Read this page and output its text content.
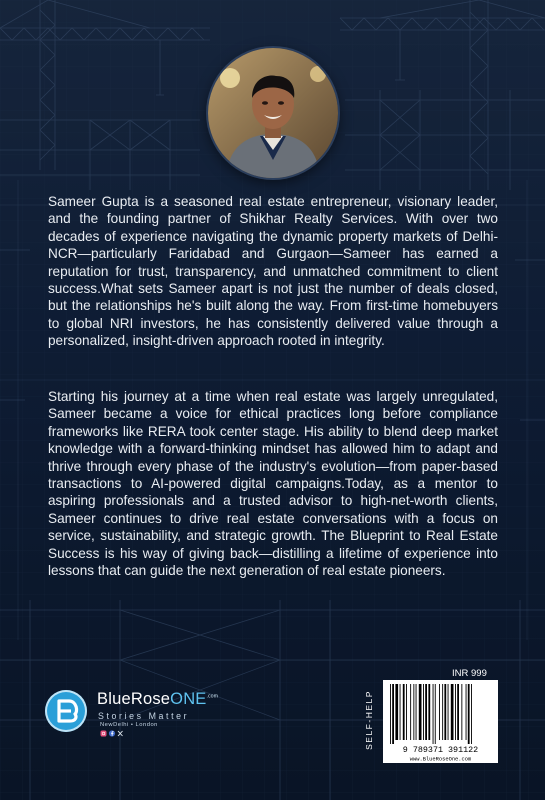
Sameer Gupta is a seasoned real estate entrepreneur, visionary leader, and the founding partner of Shikhar Realty Services. With over two decades of experience navigating the dynamic property markets of Delhi-NCR—particularly Faridabad and Gurgaon—Sameer has earned a reputation for trust, transparency, and unmatched commitment to client success.What sets Sameer apart is not just the number of deals closed, but the relationships he's built along the way. From first-time homebuyers to global NRI investors, he has consistently delivered value through a personalized, insight-driven approach rooted in integrity.

Starting his journey at a time when real estate was largely unregulated, Sameer became a voice for ethical practices long before compliance frameworks like RERA took center stage. His ability to blend deep market knowledge with a forward-thinking mindset has allowed him to adapt and thrive through every phase of the industry's evolution—from paper-based transactions to AI-powered digital campaigns.Today, as a mentor to aspiring professionals and a trusted advisor to high-net-worth clients, Sameer continues to drive real estate conversations with a focus on service, sustainability, and strategic growth. The Blueprint to Real Estate Success is his way of giving back—distilling a lifetime of experience into lessons that can guide the next generation of real estate pioneers.

BlueRoseONE$^{.com}$
Stories Matter
NewDelhi • London
INR 999
SELF-HELP
9 789371 391122
www.BlueRoseOne.com
